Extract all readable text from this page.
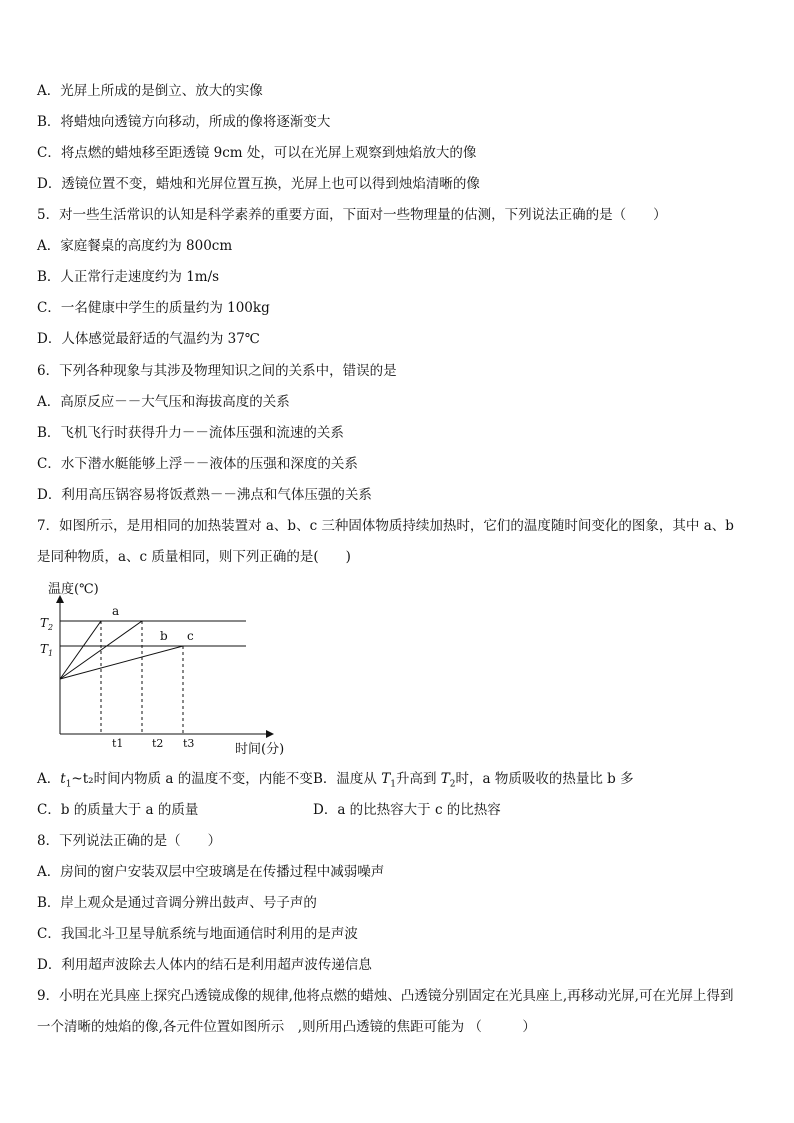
A．光屏上所成的是倒立、放大的实像
B．将蜡烛向透镜方向移动，所成的像将逐渐变大
C．将点燃的蜡烛移至距透镜 9cm 处，可以在光屏上观察到烛焰放大的像
D．透镜位置不变，蜡烛和光屏位置互换，光屏上也可以得到烛焰清晰的像
5．对一些生活常识的认知是科学素养的重要方面，下面对一些物理量的估测，下列说法正确的是（　　）
A．家庭餐桌的高度约为 800cm
B．人正常行走速度约为 1m/s
C．一名健康中学生的质量约为 100kg
D．人体感觉最舒适的气温约为 37℃
6．下列各种现象与其涉及物理知识之间的关系中，错误的是
A．高原反应－－大气压和海拔高度的关系
B．飞机飞行时获得升力－－流体压强和流速的关系
C．水下潜水艇能够上浮－－液体的压强和深度的关系
D．利用高压锅容易将饭煮熟－－沸点和气体压强的关系
7．如图所示，是用相同的加热装置对 a、b、c 三种固体物质持续加热时，它们的温度随时间变化的图象，其中 a、b
是同种物质，a、c 质量相同，则下列正确的是(　　)
温度(℃)
时间(分)
$T_2$
$T_1$
t1	t2 t3
a
b c
A．$t_1\sim t_2$时间内物质 a 的温度不变，内能不变 B．温度从 $T_1$升高到 $T_2$时，a 物质吸收的热量比 b 多
C．b 的质量大于 a 的质量	D．a 的比热容大于 c 的比热容
8．下列说法正确的是（　　）
A．房间的窗户安装双层中空玻璃是在传播过程中减弱噪声
B．岸上观众是通过音调分辨出鼓声、号子声的
C．我国北斗卫星导航系统与地面通信时利用的是声波
D．利用超声波除去人体内的结石是利用超声波传递信息
9．小明在光具座上探究凸透镜成像的规律,他将点燃的蜡烛、凸透镜分别固定在光具座上,再移动光屏,可在光屏上得到
一个清晰的烛焰的像,各元件位置如图所示　,则所用凸透镜的焦距可能为 （　　　）
